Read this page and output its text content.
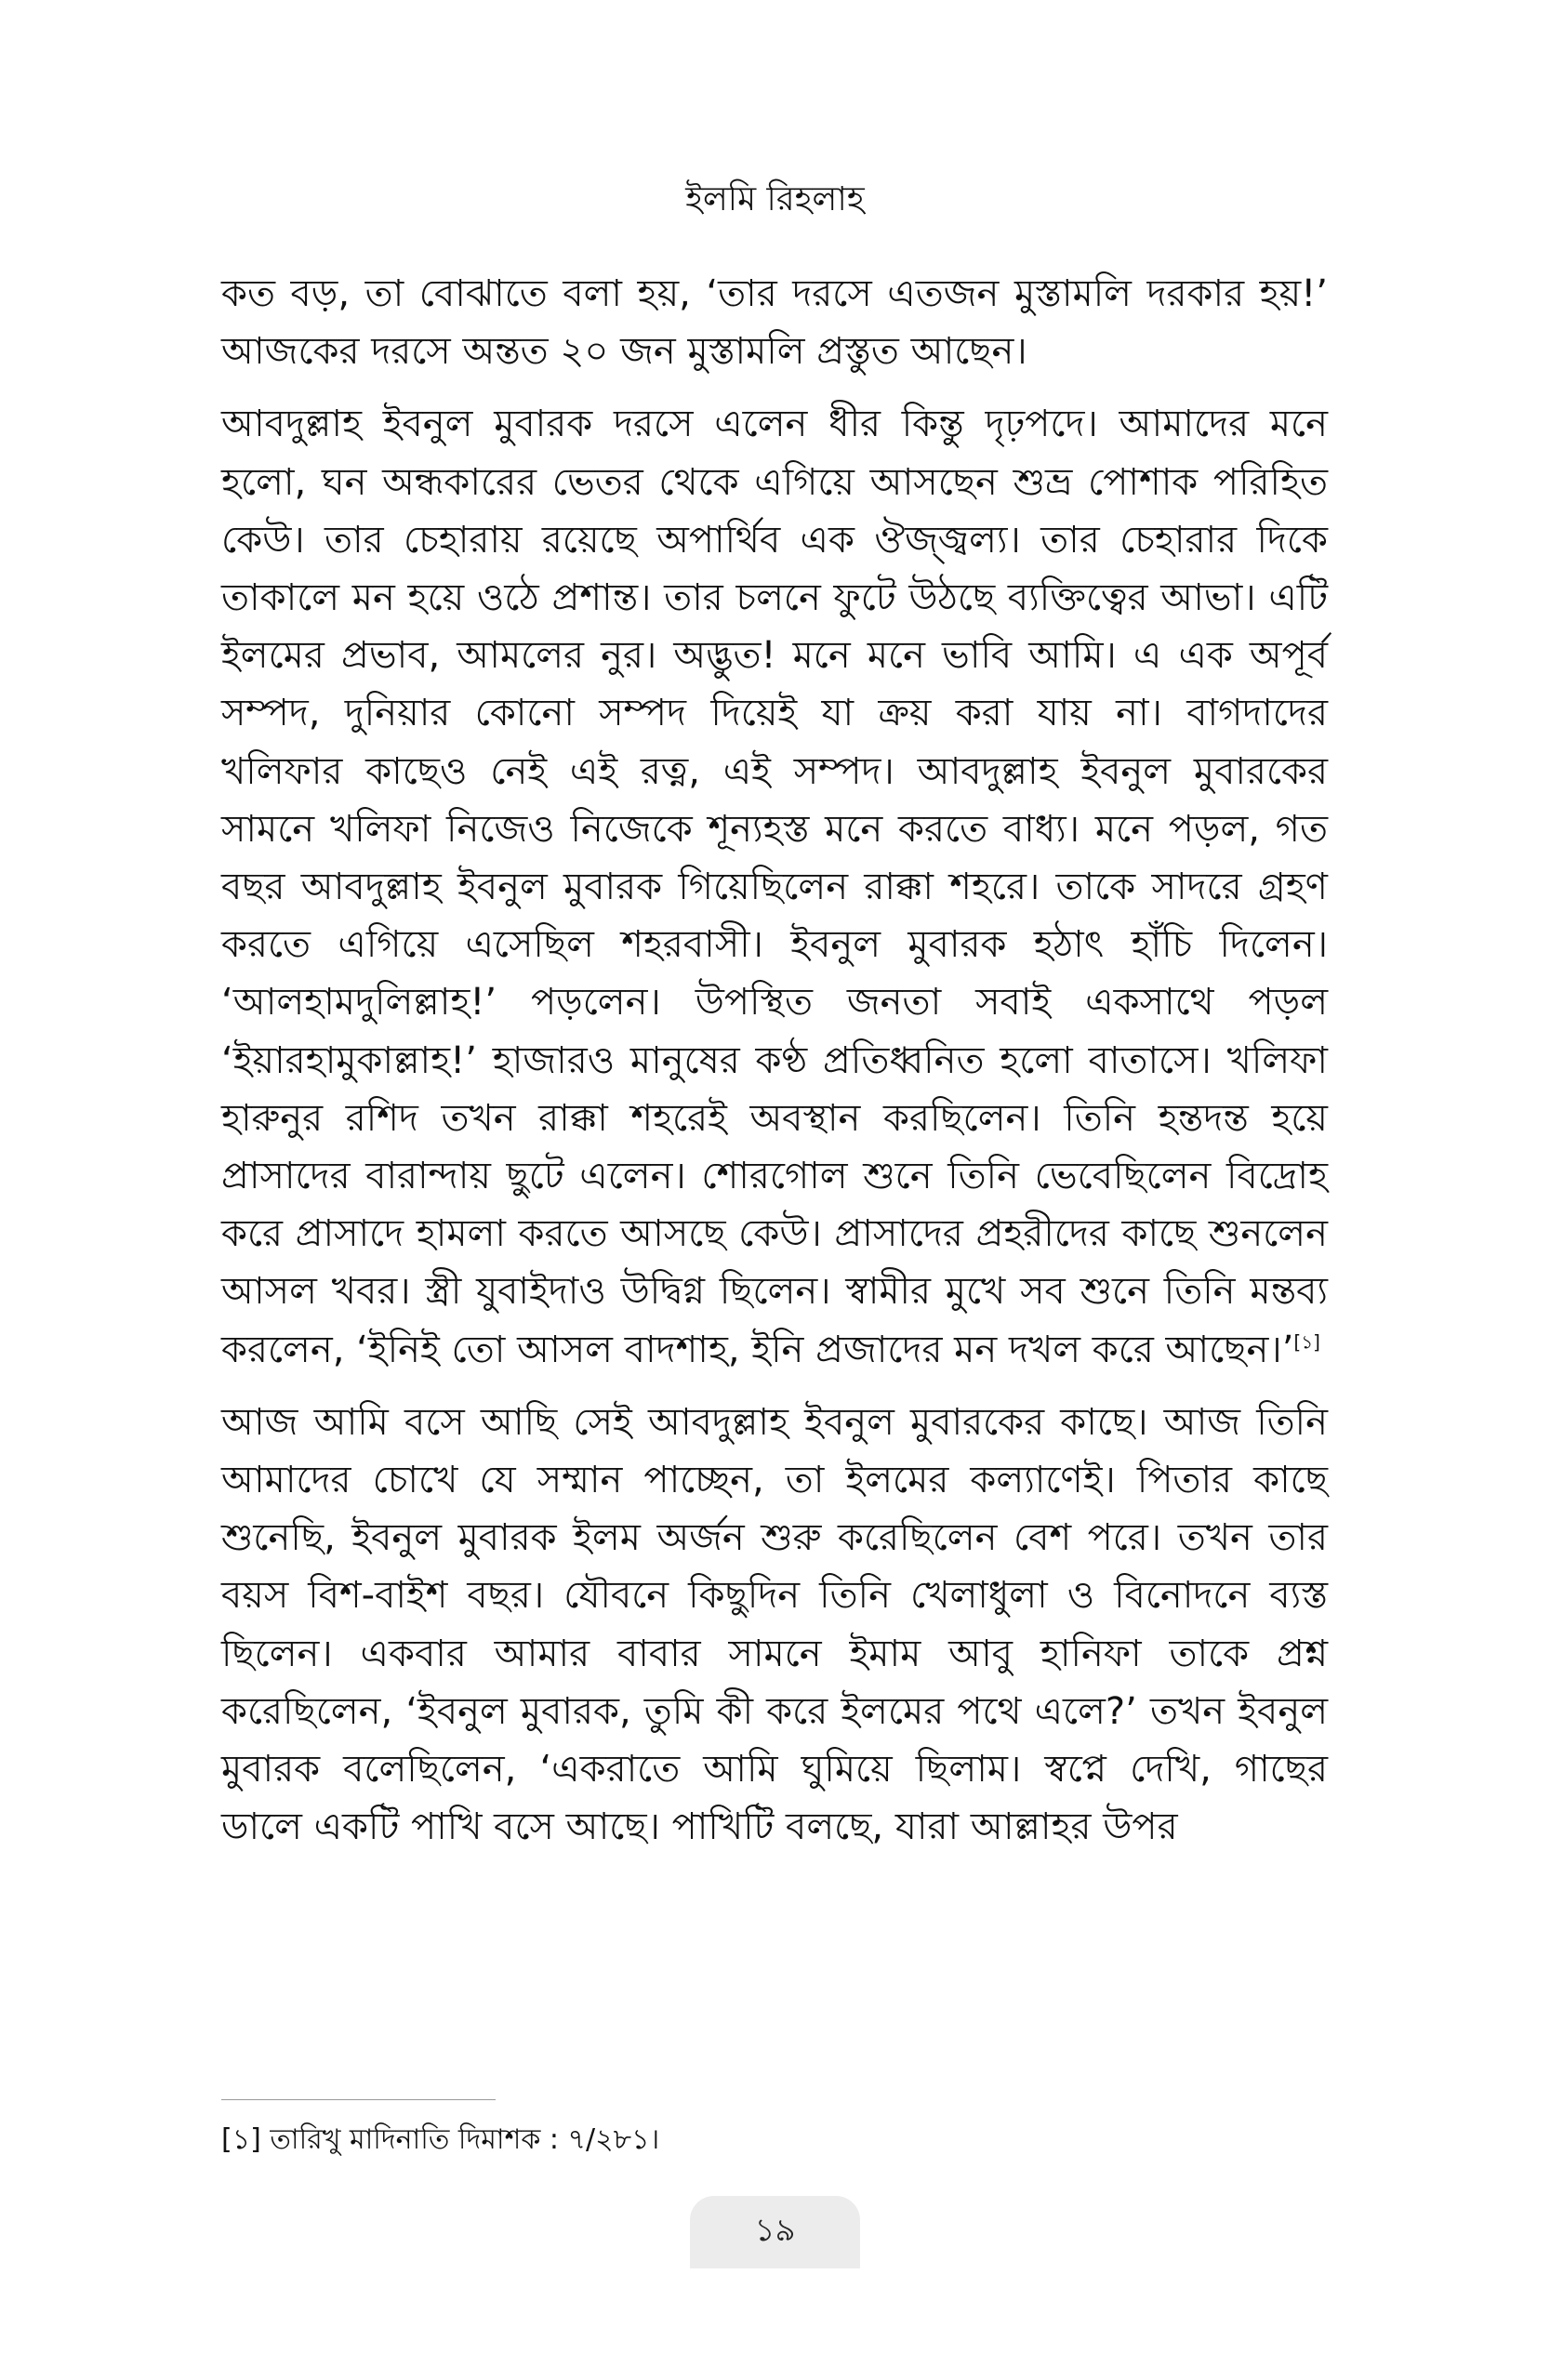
ইলমি রিহলাহ

কত বড়, তা বোঝাতে বলা হয়, ‘তার দরসে এতজন মুস্তামলি দরকার হয়!’ আজকের দরসে অন্তত ২০ জন মুস্তামলি প্রস্তুত আছেন।

আবদুল্লাহ ইবনুল মুবারক দরসে এলেন ধীর কিন্তু দৃঢ়পদে। আমাদের মনে হলো, ঘন অন্ধকারের ভেতর থেকে এগিয়ে আসছেন শুভ্র পোশাক পরিহিত কেউ। তার চেহারায় রয়েছে অপার্থিব এক ঔজ্জ্বল্য। তার চেহারার দিকে তাকালে মন হয়ে ওঠে প্রশান্ত। তার চলনে ফুটে উঠছে ব্যক্তিত্বের আভা। এটি ইলমের প্রভাব, আমলের নুর। অদ্ভুত! মনে মনে ভাবি আমি। এ এক অপূর্ব সম্পদ, দুনিয়ার কোনো সম্পদ দিয়েই যা ক্রয় করা যায় না। বাগদাদের খলিফার কাছেও নেই এই রত্ন, এই সম্পদ। আবদুল্লাহ ইবনুল মুবারকের সামনে খলিফা নিজেও নিজেকে শূন্যহস্ত মনে করতে বাধ্য। মনে পড়ল, গত বছর আবদুল্লাহ ইবনুল মুবারক গিয়েছিলেন রাক্কা শহরে। তাকে সাদরে গ্রহণ করতে এগিয়ে এসেছিল শহরবাসী। ইবনুল মুবারক হঠাৎ হাঁচি দিলেন। ‘আলহামদুলিল্লাহ!’ পড়লেন। উপস্থিত জনতা সবাই একসাথে পড়ল ‘ইয়ারহামুকাল্লাহ!’ হাজারও মানুষের কণ্ঠ প্রতিধ্বনিত হলো বাতাসে। খলিফা হারুনুর রশিদ তখন রাক্কা শহরেই অবস্থান করছিলেন। তিনি হন্তদন্ত হয়ে প্রাসাদের বারান্দায় ছুটে এলেন। শোরগোল শুনে তিনি ভেবেছিলেন বিদ্রোহ করে প্রাসাদে হামলা করতে আসছে কেউ। প্রাসাদের প্রহরীদের কাছে শুনলেন আসল খবর। স্ত্রী যুবাইদাও উদ্বিগ্ন ছিলেন। স্বামীর মুখে সব শুনে তিনি মন্তব্য করলেন, ‘ইনিই তো আসল বাদশাহ, ইনি প্রজাদের মন দখল করে আছেন।’[১]

আজ আমি বসে আছি সেই আবদুল্লাহ ইবনুল মুবারকের কাছে। আজ তিনি আমাদের চোখে যে সম্মান পাচ্ছেন, তা ইলমের কল্যাণেই। পিতার কাছে শুনেছি, ইবনুল মুবারক ইলম অর্জন শুরু করেছিলেন বেশ পরে। তখন তার বয়স বিশ-বাইশ বছর। যৌবনে কিছুদিন তিনি খেলাধুলা ও বিনোদনে ব্যস্ত ছিলেন। একবার আমার বাবার সামনে ইমাম আবু হানিফা তাকে প্রশ্ন করেছিলেন, ‘ইবনুল মুবারক, তুমি কী করে ইলমের পথে এলে?’ তখন ইবনুল মুবারক বলেছিলেন, ‘একরাতে আমি ঘুমিয়ে ছিলাম। স্বপ্নে দেখি, গাছের ডালে একটি পাখি বসে আছে। পাখিটি বলছে, যারা আল্লাহর উপর

[১] তারিখু মাদিনাতি দিমাশক : ৭/২৮১।
১৯
